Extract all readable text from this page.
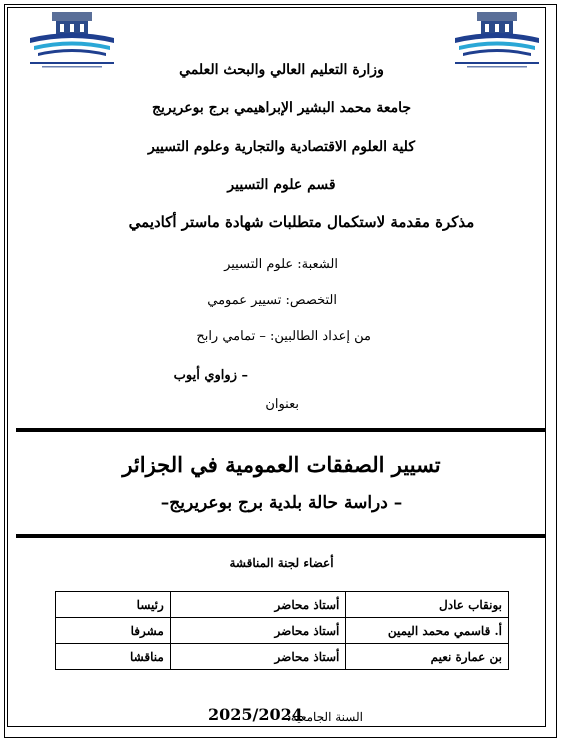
وزارة التعليم العالي والبحث العلمي
جامعة محمد البشير الإبراهيمي برج بوعريريج
كلية العلوم الاقتصادية والتجارية وعلوم التسيير
قسم علوم التسيير
مذكرة مقدمة لاستكمال متطلبات شهادة ماستر أكاديمي
الشعبة: علوم التسيير
التخصص: تسيير عمومي
من إعداد الطالبين: – تمامي رابح
– زواوي أيوب
بعنوان
تسيير الصفقات العمومية في الجزائر
– دراسة حالة بلدية برج بوعريريج–
أعضاء لجنة المناقشة
بونقاب عادل	أستاذ محاضر	رئيسا
أ. قاسمي محمد اليمين	أستاذ محاضر	مشرفا
بن عمارة نعيم	أستاذ محاضر	مناقشا
السنة الجامعية:
2025/2024
